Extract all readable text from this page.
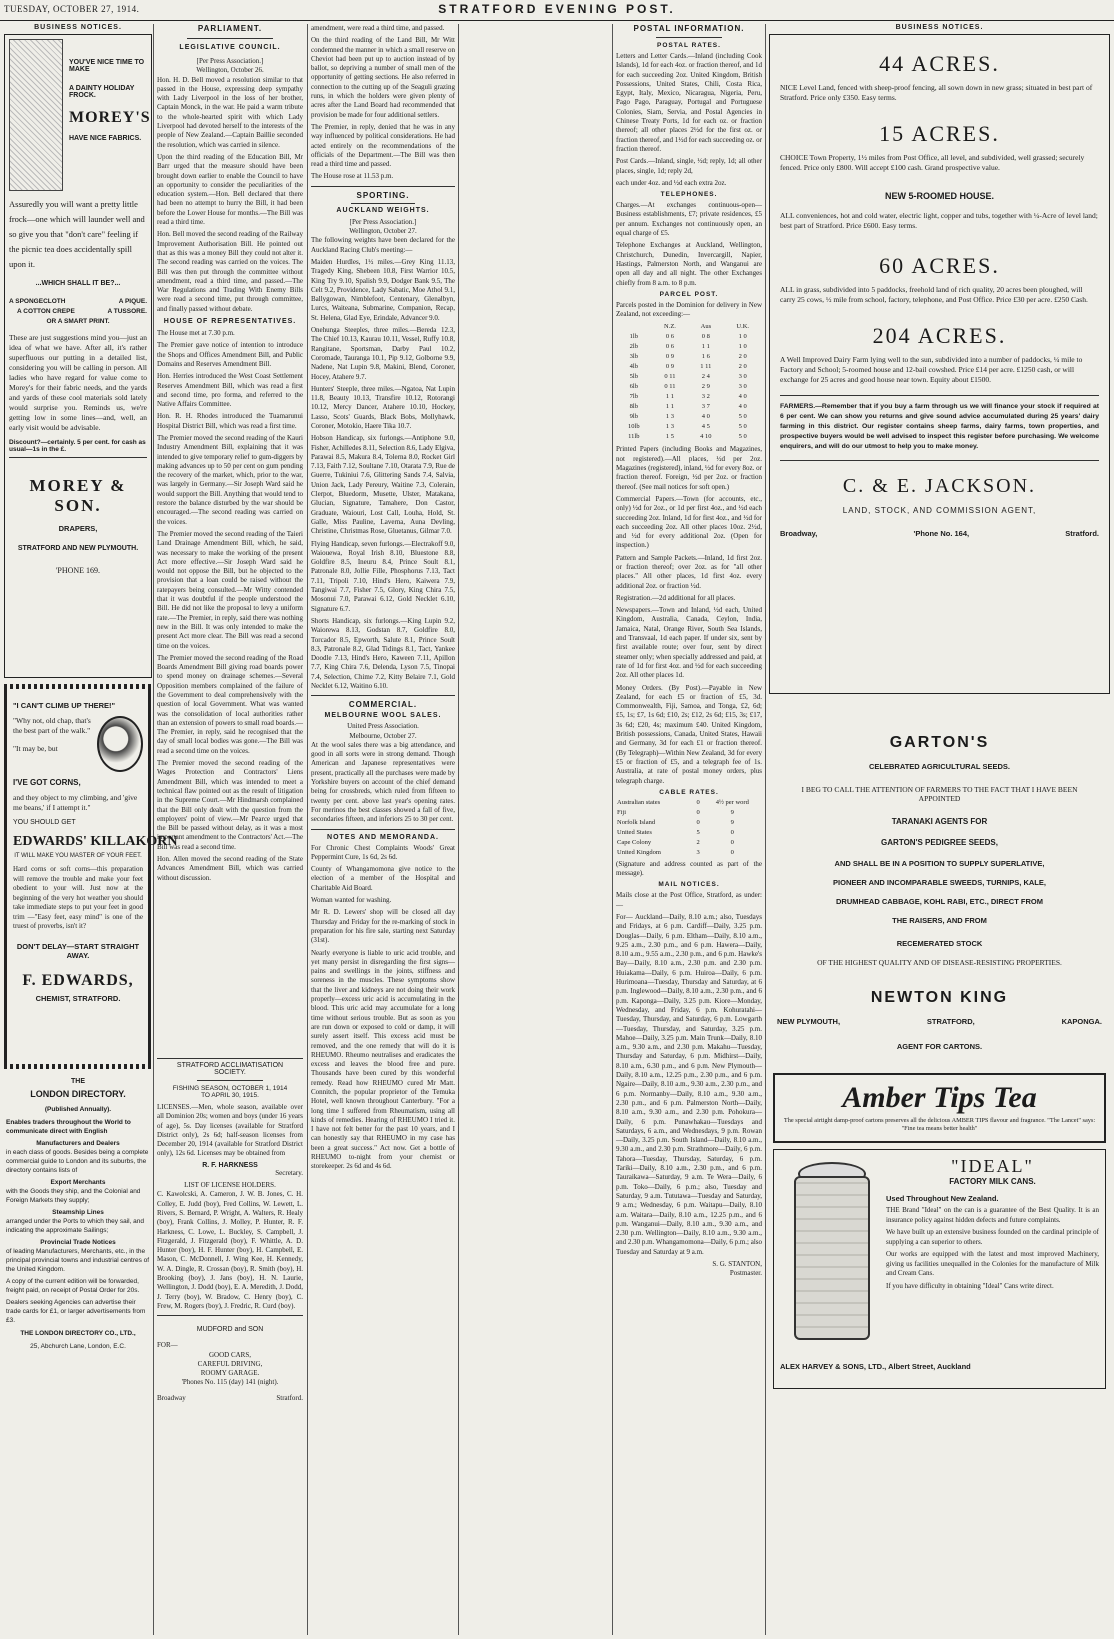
TUESDAY, OCTOBER 27, 1914.	STRATFORD EVENING POST.
BUSINESS NOTICES.
YOU'VE NICE TIME TO MAKE
A DAINTY HOLIDAY FROCK.
MOREY'S
HAVE NICE FABRICS.
Assuredly you will want a pretty little frock—one which will launder well and so give you that "don't care" feeling if the picnic tea does accidentally spill upon it.
...WHICH SHALL IT BE?...
A SPONGECLOTH	A PIQUE.

A COTTON CREPE	A TUSSORE.

OR A SMART PRINT.
These are just suggestions mind you—just an idea of what we have. After all, it's rather superfluous our putting in a detailed list, considering you will be calling in person. All ladies who have regard for value come to Morey's for their fabric needs, and the yards and yards of these cool materials sold lately would surprise you. Reminds us, we're getting low in some lines—and, well, an early visit would be advisable.
Discount?—certainly. 5 per cent. for cash as usual—1s in the £.
MOREY & SON.
DRAPERS,
STRATFORD AND NEW PLYMOUTH.
'PHONE 169.
"I CAN'T CLIMB UP THERE!"
"Why not, old chap, that's the best part of the walk."
"It may be, but
I'VE GOT CORNS,
and they object to my climbing, and 'give me beans,' if I attempt it."
YOU SHOULD GET
EDWARDS' KILLAKORN
IT WILL MAKE YOU MASTER OF YOUR FEET.
Hard corns or soft corns—this preparation will remove the trouble and make your feet obedient to your will. Just now at the beginning of the very hot weather you should take immediate steps to put your feet in good trim —"Easy feet, easy mind" is one of the truest of proverbs, isn't it?
DON'T DELAY—START STRAIGHT AWAY.
F. EDWARDS,
CHEMIST, STRATFORD.
THE
LONDON DIRECTORY.
(Published Annually).
Enables traders throughout the World to communicate direct with English
Manufacturers and Dealers
in each class of goods. Besides being a complete commercial guide to London and its suburbs, the directory contains lists of
Export Merchants
with the Goods they ship, and the Colonial and Foreign Markets they supply;
Steamship Lines
arranged under the Ports to which they sail, and indicating the approximate Sailings;
Provincial Trade Notices
of leading Manufacturers, Merchants, etc., in the principal provincial towns and industrial centres of the United Kingdom.
A copy of the current edition will be forwarded, freight paid, on receipt of Postal Order for 20s.
Dealers seeking Agencies can advertise their trade cards for £1, or larger advertisements from £3.
THE LONDON DIRECTORY CO., LTD.,
25, Abchurch Lane, London, E.C.
PARLIAMENT.
LEGISLATIVE COUNCIL.
[Per Press Association.]
Wellington, October 26.
Hon. H. D. Bell moved a resolution similar to that passed in the House, expressing deep sympathy with Lady Liverpool in the loss of her brother, Captain Monck, in the war. He paid a warm tribute to the whole-hearted spirit with which Lady Liverpool had devoted herself to the interests of the people of New Zealand.—Captain Baillie seconded the resolution, which was carried in silence.
Upon the third reading of the Education Bill, Mr Barr urged that the measure should have been brought down earlier to enable the Council to have an opportunity to consider the peculiarities of the education system.—Hon. Bell declared that there had been no attempt to hurry the Bill, it had been before the Lower House for months.—The Bill was read a third time.
Hon. Bell moved the second reading of the Railway Improvement Authorisation Bill. He pointed out that as this was a money Bill they could not alter it. The second reading was carried on the voices. The Bill was then put through the committee without amendment, read a third time, and passed.—The War Regulations and Trading With Enemy Bills were read a second time, put through committee, and finally passed without debate.
HOUSE OF REPRESENTATIVES.
The House met at 7.30 p.m.
The Premier gave notice of intention to introduce the Shops and Offices Amendment Bill, and Public Domains and Reserves Amendment Bill.
Hon. Herries introduced the West Coast Settlement Reserves Amendment Bill, which was read a first and second time, pro forma, and referred to the Native Affairs Committee.
Hon. R. H. Rhodes introduced the Tuamarunui Hospital District Bill, which was read a first time.
The Premier moved the second reading of the Kauri Industry Amendment Bill, explaining that it was intended to give temporary relief to gum-diggers by making advances up to 50 per cent on gum pending the recovery of the market, which, prior to the war, was largely in Germany.—Sir Joseph Ward said he would support the Bill. Anything that would tend to restore the balance disturbed by the war should be encouraged.—The second reading was carried on the voices.
The Premier moved the second reading of the Taieri Land Drainage Amendment Bill, which, he said, was necessary to make the working of the present Act more effective.—Sir Joseph Ward said he would not oppose the Bill, but he objected to the provision that a loan could be raised without the ratepayers being consulted.—Mr Witty contended that it was doubtful if the people understood the Bill. He did not like the proposal to levy a uniform rate.—The Premier, in reply, said there was nothing new in the Bill. It was only intended to make the present Act more clear. The Bill was read a second time on the voices.
The Premier moved the second reading of the Road Boards Amendment Bill giving road boards power to spend money on drainage schemes.—Several Opposition members complained of the failure of the Government to deal comprehensively with the question of local Government. What was wanted was the consolidation of local authorities rather than an extension of powers to small road boards.—The Premier, in reply, said he recognised that the day of small local bodies was gone.—The Bill was read a second time on the voices.
The Premier moved the second reading of the Wages Protection and Contractors' Liens Amendment Bill, which was intended to meet a technical flaw pointed out as the result of litigation in the Supreme Court.—Mr Hindmarsh complained that the Bill only dealt with the question from the employers' point of view.—Mr Pearce urged that the Bill be passed without delay, as it was a most important amendment to the Contractors' Act.—The Bill was read a second time.
Hon. Allen moved the second reading of the State Advances Amendment Bill, which was carried without discussion.
STRATFORD ACCLIMATISATION
SOCIETY.
FISHING SEASON, OCTOBER 1, 1914
TO APRIL 30, 1915.
LICENSES.—Men, whole season, available over all Dominion 20s; women and boys (under 16 years of age), 5s. Day licenses (available for Stratford District only), 2s 6d; half-season licenses from December 20, 1914 (available for Stratford District only), 12s 6d. Licenses may be obtained from
R. F. HARKNESS
Secretary.
LIST OF LICENSE HOLDERS.
C. Kawolcski, A. Cameron, J. W. B. Jones, C. H. Colley, E. Judd (boy), Fred Collins, W. Lewett, L. Rivers, S. Bernard, P. Wright, A. Walters, R. Healy (boy), Frank Collins, J. Molley, P. Hunter, R. F. Harkness, C. Lowe, L. Buckley, S. Campbell, J. Fitzgerald, J. Fitzgerald (boy), F. Whittle, A. D. Hunter (boy), H. F. Hunter (boy), H. Campbell, E. Mason, C. McDonnell, J. Wing Kee, H. Kennedy, W. A. Dingle, R. Crossan (boy), R. Smith (boy), H. Brooking (boy), J. Jans (boy), H. N. Laurie, Wellington, J. Dodd (boy), E. A. Meredith, J. Dodd, J. Terry (boy), W. Bradow, C. Henry (boy), C. Frew, M. Rogers (boy), J. Fredric, R. Curd (boy).
MUDFORD and SON
FOR—
GOOD CARS,
CAREFUL DRIVING,
ROOMY GARAGE.
'Phones No. 115 (day) 141 (night).
Broadway	Stratford.
amendment, were read a third time, and passed.
On the third reading of the Land Bill, Mr Witt condemned the manner in which a small reserve on Cheviot had been put up to auction instead of by ballot, so depriving a number of small men of the opportunity of getting sections. He also referred in connection to the cutting up of the Seaguli grazing runs, in which the holders were given plenty of acres after the Land Board had recommended that provision be made for four additional settlers.
The Premier, in reply, denied that he was in any way influenced by political considerations. He had acted entirely on the recommendations of the officials of the Department.—The Bill was then read a third time and passed.
The House rose at 11.53 p.m.
SPORTING.
AUCKLAND WEIGHTS.
[Per Press Association.]
Wellington, October 27.
The following weights have been declared for the Auckland Racing Club's meeting:—
Maiden Hurdles, 1½ miles.—Grey King 11.13, Tragedy King, Shebeen 10.8, First Warrior 10.5, King Try 9.10, Spalish 9.9, Dodger Bank 9.5, The Celt 9.2, Providence, Lady Sabatic, Moe Athol 9.1, Ballygowan, Nimblefoot, Centenary, Glenalbyn, Lurcs, Waiteana, Submarine, Companion, Recap, St. Helena, Glad Eye, Erindale, Advancer 9.0.
Onehunga Steeples, three miles.—Bereda 12.3, The Chief 10.13, Kaurau 10.11, Vessel, Ruffy 10.8, Rangitane, Sportsman, Darby Paul 10.2, Coromade, Tauranga 10.1, Pip 9.12, Golborne 9.9, Nadene, Nat Lupin 9.8, Makini, Blend, Coroner, Hocey, Atahere 9.7.
Hunters' Steeple, three miles.—Ngatoa, Nat Lupin 11.8, Beauty 10.13, Transfire 10.12, Rotorangi 10.12, Mercy Dancer, Atahere 10.10, Hockey, Lasso, Scots' Guards, Black Bobs, Mollyhawk, Coroner, Motokio, Haere Tika 10.7.
Hobson Handicap, six furlongs.—Antiphone 9.0, Fisher, Achilledes 8.11, Selection 8.6, Lady Elgiva, Parawai 8.5, Makura 8.4, Tolerna 8.0, Rocket Girl 7.13, Faith 7.12, Soultane 7.10, Otarata 7.9, Rue de Guerre, Tukiniui 7.6, Glittering Sands 7.4, Salvia, Union Jack, Lady Pereury, Waitine 7.3, Colerain, Clerpot, Bluedorm, Musette, Ulster, Matakana, Glucian, Signature, Tamahere, Don Castor, Graduate, Waiouri, Lost Call, Louha, Hold, St. Galle, Miss Pauline, Laverna, Auna Devling, Christine, Christmas Rose, Gluetanus, Gilmar 7.0.
Flying Handicap, seven furlongs.—Electrakoff 9.0, Waiouewa, Royal Irish 8.10, Bluestone 8.8, Goldfire 8.5, Ineuru 8.4, Prince Soult 8.1, Patronale 8.0, Jollie Fille, Phosphorus 7.13, Tact 7.11, Tripoli 7.10, Hind's Hero, Kaiwera 7.9, Tangiwai 7.7, Fisher 7.5, Glory, King Chira 7.5, Mosonui 7.0, Parawai 6.12, Gold Necklet 6.10, Signature 6.7.
Shorts Handicap, six furlongs.—King Lupin 9.2, Waiorewa 8.13, Godstan 8.7, Goldfire 8.0, Torcador 8.5, Epworth, Salute 8.1, Prince Soult 8.3, Patronale 8.2, Glad Tidings 8.1, Tact, Yankee Doodle 7.13, Hind's Hero, Kaween 7.11, Apillon 7.7, King Chira 7.6, Delenda, Lyson 7.5, Tinopai 7.4, Selection, Chime 7.2, Kitty Belaire 7.1, Gold Necklet 6.12, Waitino 6.10.
COMMERCIAL.
MELBOURNE WOOL SALES.
United Press Association.
Melbourne, October 27.
At the wool sales there was a big attendance, and good in all sorts were in strong demand. Though American and Japanese representatives were present, practically all the purchases were made by Yorkshire buyers on account of the chief demand being for crossbreds, which ruled from fifteen to twenty per cent. above last year's opening rates. For merinos the best classes showed a fall of five, secondaries fifteen, and inferiors 25 to 30 per cent.
NOTES AND MEMORANDA.
For Chronic Chest Complaints Woods' Great Peppermint Cure, 1s 6d, 2s 6d.
County of Whangamomona give notice to the election of a member of the Hospital and Charitable Aid Board.
Woman wanted for washing.
Mr R. D. Lewers' shop will be closed all day Thursday and Friday for the re-marking of stock in preparation for his fire sale, starting next Saturday (31st).
Nearly everyone is liable to uric acid trouble, and yet many persist in disregarding the first signs—pains and swellings in the joints, stiffness and soreness in the muscles. These symptoms show that the liver and kidneys are not doing their work properly—excess uric acid is accumulating in the blood. This uric acid may accumulate for a long time without serious trouble. But as soon as you are run down or exposed to cold or damp, it will surely assert itself. This excess acid must be removed, and the one remedy that will do it is RHEUMO. Rheumo neutralises and eradicates the excess and leaves the blood free and pure. Thousands have been cured by this wonderful remedy. Read how RHEUMO cured Mr Matt. Connitch, the popular proprietor of the Temuka Hotel, well known throughout Canterbury. "For a long time I suffered from Rheumatism, using all kinds of remedies. Hearing of RHEUMO I tried it. I have not felt better for the past 10 years, and I can honestly say that RHEUMO in my case has been a great success." Act now. Get a bottle of RHEUMO to-night from your chemist or storekeeper. 2s 6d and 4s 6d.
POSTAL INFORMATION.
POSTAL RATES.
Letters and Letter Cards.—Inland (including Cook Islands), 1d for each 4oz. or fraction thereof, and 1d for each succeeding 2oz. United Kingdom, British Possessions, United States, Chili, Costa Rica, Egypt, Italy, Mexico, Nicaragua, Nigeria, Peru, Pago Pago, Paraguay, Portugal and Portuguese Colonies, Siam, Servia, and Postal Agencies in Chinese Treaty Ports, 1d for each oz. or fraction thereof; all other places 2½d for the first oz. or fraction thereof, and 1½d for each succeeding oz. or fraction thereof.
Post Cards.—Inland, single, ½d; reply, 1d; all other places, single, 1d; reply 2d,
each under 4oz. and ½d each extra 2oz.
TELEPHONES.
Charges.—At exchanges continuous-open—Business establishments, £7; private residences, £5 per annum. Exchanges not continuously open, an equal charge of £5.
Telephone Exchanges at Auckland, Wellington, Christchurch, Dunedin, Invercargill, Napier, Hastings, Palmerston North, and Wanganui are open all day and all night. The other Exchanges chiefly from 8 a.m. to 8 p.m.
PARCEL POST.
Parcels posted in the Dominion for delivery in New Zealand, not exceeding:—
	N.Z.	Aus	U.K.
1lb	0 6	0 8	1 0
2lb	0 6	1 1	1 0
3lb	0 9	1 6	2 0
4lb	0 9	1 11	2 0
5lb	0 11	2 4	3 0
6lb	0 11	2 9	3 0
7lb	1 1	3 2	4 0
8lb	1 1	3 7	4 0
9lb	1 3	4 0	5 0
10lb	1 3	4 5	5 0
11lb	1 5	4 10	5 0
Printed Papers (including Books and Magazines, not registered).—All places, ½d per 2oz. Magazines (registered), inland, ½d for every 8oz. or fraction thereof. Foreign, ½d per 2oz. or fraction thereof. (See mail notices for soft open.)
Commercial Papers.—Town (for accounts, etc., only) ½d for 2oz., or 1d per first 4oz., and ½d each succeeding 2oz. Inland, 1d for first 4oz., and ½d for each succeeding 2oz. All other places 10oz. 2½d, and ½d for every additional 2oz. (Open for inspection.)
Pattern and Sample Packets.—Inland, 1d first 2oz. or fraction thereof; over 2oz. as for "all other places." All other places, 1d first 4oz. every additional 2oz. or fraction ½d.
Registration.—2d additional for all places.
Newspapers.—Town and Inland, ½d each, United Kingdom, Australia, Canada, Ceylon, India, Jamaica, Natal, Orange River, South Sea Islands, and Transvaal, 1d each paper. If under six, sent by first available route; over four, sent by direct steamer only; when specially addressed and paid, at rate of 1d for first 4oz. and ½d for each succeeding 2oz. All other places 1d.
Money Orders. (By Post).—Payable in New Zealand, for each £5 or fraction of £5, 3d. Commonwealth, Fiji, Samoa, and Tonga, £2, 6d; £5, 1s; £7, 1s 6d; £10, 2s; £12, 2s 6d; £15, 3s; £17, 3s 6d; £20, 4s; maximum £40. United Kingdom, British possessions, Canada, United States, Hawaii and Germany, 3d for each £1 or fraction thereof. (By Telegraph)—Within New Zealand, 3d for every £5 or fraction of £5, and a telegraph fee of 1s. Australia, at rate of postal money orders, plus telegraph charge.
CABLE RATES.
Australian states	0	4½ per word
Fiji	0	9
Norfolk Island	0	9
United States	5	0
Cape Colony	2	0
United Kingdom	3	0
(Signature and address counted as part of the message).
MAIL NOTICES.
Mails close at the Post Office, Stratford, as under:—
For— Auckland—Daily, 8.10 a.m.; also, Tuesdays and Fridays, at 6 p.m. Cardiff—Daily, 3.25 p.m. Douglas—Daily, 6 p.m. Eltham—Daily, 8.10 a.m., 9.25 a.m., 2.30 p.m., and 6 p.m. Hawera—Daily, 8.10 a.m., 9.55 a.m., 2.30 p.m., and 6 p.m. Hawke's Bay—Daily, 8.10 a.m., 2.30 p.m. and 2.30 p.m. Huiakama—Daily, 6 p.m. Huiroa—Daily, 6 p.m. Hurimoana—Tuesday, Thursday and Saturday, at 6 p.m. Inglewood—Daily, 8.10 a.m., 2.30 p.m., and 6 p.m. Kaponga—Daily, 3.25 p.m. Kiore—Monday, Wednesday, and Friday, 6 p.m. Kohuratahi—Tuesday, Thursday, and Saturday, 6 p.m. Lowgarth—Tuesday, Thursday, and Saturday, 3.25 p.m. Mahoe—Daily, 3.25 p.m. Main Trunk—Daily, 8.10 a.m., 9.30 a.m., and 2.30 p.m. Makahu—Tuesday, Thursday and Saturday, 6 p.m. Midhirst—Daily, 8.10 a.m., 6.30 p.m., and 6 p.m. New Plymouth—Daily, 8.10 a.m., 12.25 p.m., 2.30 p.m., and 6 p.m. Ngaire—Daily, 8.10 a.m., 9.30 a.m., 2.30 p.m., and 6 p.m. Normanby—Daily, 8.10 a.m., 9.30 a.m., 2.30 p.m., and 6 p.m. Palmerston North—Daily, 8.10 a.m., 9.30 a.m., and 2.30 p.m. Pohokura—Daily, 6 p.m. Punawhakau—Tuesdays and Saturdays, 6 a.m., and Wednesdays, 9 p.m. Rowan—Daily, 3.25 p.m. South Island—Daily, 8.10 a.m., 9.30 a.m., and 2.30 p.m. Strathmore—Daily, 6 p.m. Tahora—Tuesday, Thursday, Saturday, 6 p.m. Tariki—Daily, 8.10 a.m., 2.30 p.m., and 6 p.m. Tauraikawa—Saturday, 9 a.m. Te Wera—Daily, 6 p.m. Toko—Daily, 6 p.m.; also, Tuesday and Saturday, 9 a.m. Tututawa—Tuesday and Saturday, 9 a.m.; Wednesday, 6 p.m. Waitapu—Daily, 8.10 a.m. Waitara—Daily, 8.10 a.m., 12.25 p.m., and 6 p.m. Wanganui—Daily, 8.10 a.m., 9.30 a.m., and 2.30 p.m. Wellington—Daily, 8.10 a.m., 9.30 a.m., and 2.30 p.m. Whangamomona—Daily, 6 p.m.; also Tuesday and Saturday at 9 a.m.
S. G. STANTON,
Postmaster.
BUSINESS NOTICES.
44 ACRES.
NICE Level Land, fenced with sheep-proof fencing, all sown down in new grass; situated in best part of Stratford. Price only £350. Easy terms.
15 ACRES.
CHOICE Town Property, 1½ miles from Post Office, all level, and subdivided, well grassed; securely fenced. Price only £800. Will accept £100 cash. Grand prospective value.
NEW 5-ROOMED HOUSE.
ALL conveniences, hot and cold water, electric light, copper and tubs, together with ¼-Acre of level land; best part of Stratford. Price £600. Easy terms.
60 ACRES.
ALL in grass, subdivided into 5 paddocks, freehold land of rich quality, 20 acres been ploughed, will carry 25 cows, ½ mile from school, factory, telephone, and Post Office. Price £30 per acre. £250 Cash.
204 ACRES.
A Well Improved Dairy Farm lying well to the sun, subdivided into a number of paddocks, ¼ mile to Factory and School; 5-roomed house and 12-bail cowshed. Price £14 per acre. £1250 cash, or will exchange for 25 acres and good house near town. Equity about £1500.
FARMERS.—Remember that if you buy a farm through us we will finance your stock if required at 6 per cent. We can show you returns and give sound advice accumulated during 25 years' dairy farming in this district. Our register contains sheep farms, dairy farms, town properties, and prospective buyers would be well advised to inspect this register before purchasing. We welcome enquirers, and will do our utmost to help you to make money.
C. & E. JACKSON.
LAND, STOCK, AND COMMISSION AGENT,
Broadway,	'Phone No. 164,	Stratford.
GARTON'S
CELEBRATED AGRICULTURAL SEEDS.
I BEG TO CALL THE ATTENTION OF FARMERS TO THE FACT THAT I HAVE BEEN APPOINTED
TARANAKI AGENTS FOR
GARTON'S PEDIGREE SEEDS,
AND SHALL BE IN A POSITION TO SUPPLY SUPERLATIVE,
PIONEER AND INCOMPARABLE SWEEDS, TURNIPS, KALE,
DRUMHEAD CABBAGE, KOHL RABI, ETC., DIRECT FROM
THE RAISERS, AND FROM
RECEMERATED STOCK
OF THE HIGHEST QUALITY AND OF DISEASE-RESISTING PROPERTIES.
NEWTON KING
NEW PLYMOUTH,	STRATFORD,	KAPONGA.
AGENT FOR CARTONS.
Amber Tips Tea
The special airtight damp-proof cartons preserves all the delicious AMBER TIPS flavour and fragrance. "The Lancet" says: "Fine tea means better health"
"IDEAL"
FACTORY MILK CANS.
Used Throughout New Zealand.
THE Brand "Ideal" on the can is a guarantee of the Best Quality. It is an insurance policy against hidden defects and future complaints.
We have built up an extensive business founded on the cardinal principle of supplying a can superior to others.
Our works are equipped with the latest and most improved Machinery, giving us facilities unequalled in the Colonies for the manufacture of Milk and Cream Cans.
If you have difficulty in obtaining "Ideal" Cans write direct.
ALEX HARVEY & SONS, LTD., Albert Street, Auckland
